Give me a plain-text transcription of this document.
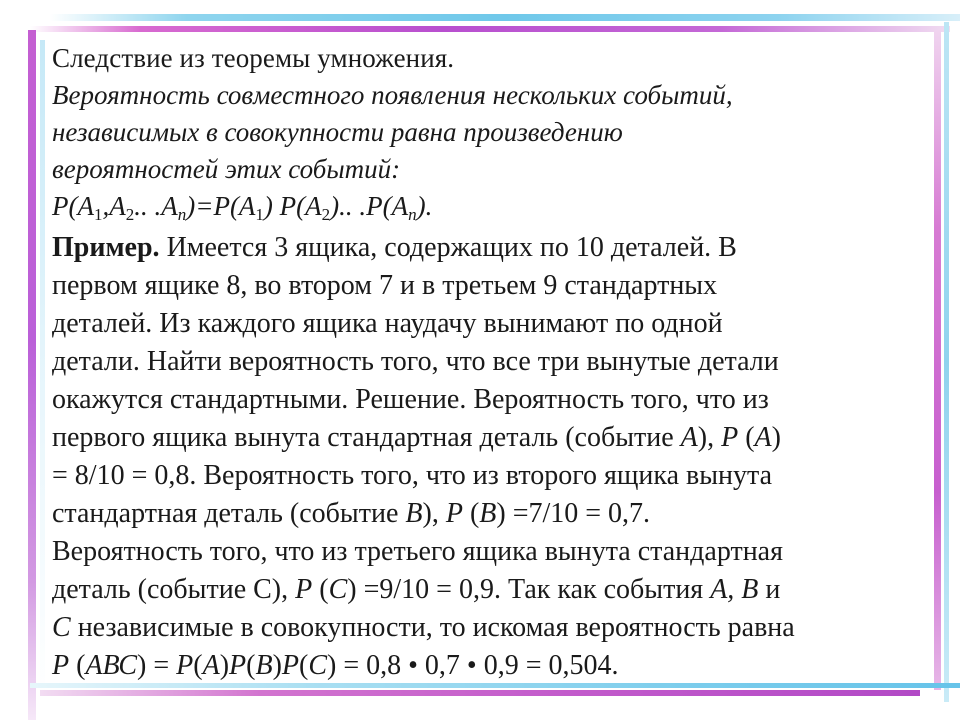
Следствие из теоремы умножения.

Вероятность совместного появления нескольких событий,

независимых в совокупности равна произведению

вероятностей этих событий:

$P(A_1,A_2$.. $.A_n)=P(A_1)$ $P(A_2)$.. $.P(A_n)$.

Пример. Имеется 3 ящика, содержащих по 10 деталей. В

первом ящике 8, во втором 7 и в третьем 9 стандартных

деталей. Из каждого ящика наудачу вынимают по одной

детали. Найти вероятность того, что все три вынутые детали

окажутся стандартными. Решение. Вероятность того, что из

первого ящика вынута стандартная деталь (событие А), Р (А)

= 8/10 = 0,8. Вероятность того, что из второго ящика вынута

стандартная деталь (событие В), Р (В) =7/10 = 0,7.

Вероятность того, что из третьего ящика вынута стандартная

деталь (событие С), Р (С) =9/10 = 0,9. Так как события А, В и

С независимые в совокупности, то искомая вероятность равна

Р (АВС) = Р(А)Р(В)Р(С) = 0,8 • 0,7 • 0,9 = 0,504.
